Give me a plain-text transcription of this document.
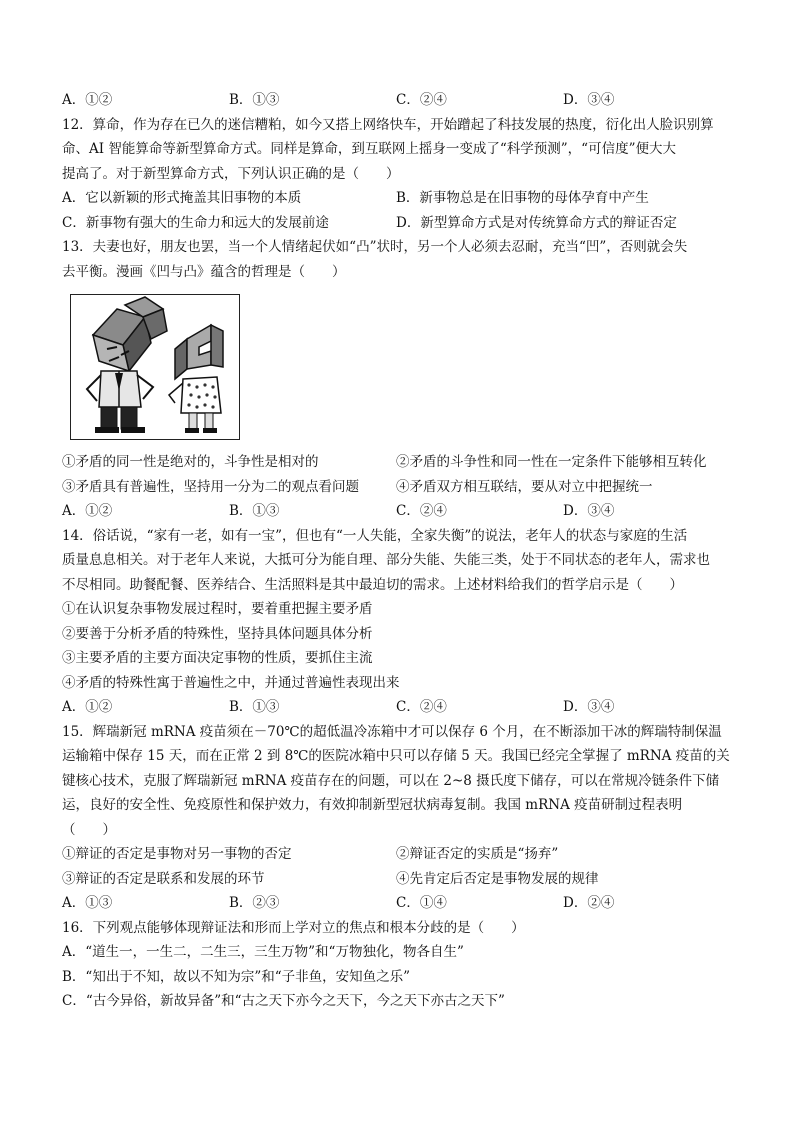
A．①②	B．①③	C．②④	D．③④
12．算命，作为存在已久的迷信糟粕，如今又搭上网络快车，开始蹭起了科技发展的热度，衍化出人脸识别算
命、AI 智能算命等新型算命方式。同样是算命，到互联网上摇身一变成了“科学预测”，“可信度”便大大
提高了。对于新型算命方式，下列认识正确的是（　　）
A．它以新颖的形式掩盖其旧事物的本质	B．新事物总是在旧事物的母体孕育中产生
C．新事物有强大的生命力和远大的发展前途	D．新型算命方式是对传统算命方式的辩证否定
13．夫妻也好，朋友也罢，当一个人情绪起伏如“凸”状时，另一个人必须去忍耐，充当“凹”，否则就会失
去平衡。漫画《凹与凸》蕴含的哲理是（　　）
①矛盾的同一性是绝对的，斗争性是相对的	②矛盾的斗争性和同一性在一定条件下能够相互转化
③矛盾具有普遍性，坚持用一分为二的观点看问题	④矛盾双方相互联结，要从对立中把握统一
A．①②	B．①③	C．②④	D．③④
14．俗话说，“家有一老，如有一宝”，但也有“一人失能，全家失衡”的说法，老年人的状态与家庭的生活
质量息息相关。对于老年人来说，大抵可分为能自理、部分失能、失能三类，处于不同状态的老年人，需求也
不尽相同。助餐配餐、医养结合、生活照料是其中最迫切的需求。上述材料给我们的哲学启示是（　　）
①在认识复杂事物发展过程时，要着重把握主要矛盾
②要善于分析矛盾的特殊性，坚持具体问题具体分析
③主要矛盾的主要方面决定事物的性质，要抓住主流
④矛盾的特殊性寓于普遍性之中，并通过普遍性表现出来
A．①②	B．①③	C．②④	D．③④
15．辉瑞新冠 mRNA 疫苗须在－70℃的超低温冷冻箱中才可以保存 6 个月，在不断添加干冰的辉瑞特制保温
运输箱中保存 15 天，而在正常 2 到 8℃的医院冰箱中只可以存储 5 天。我国已经完全掌握了 mRNA 疫苗的关
键核心技术，克服了辉瑞新冠 mRNA 疫苗存在的问题，可以在 2~8 摄氏度下储存，可以在常规冷链条件下储
运，良好的安全性、免疫原性和保护效力，有效抑制新型冠状病毒复制。我国 mRNA 疫苗研制过程表明
（　　）
①辩证的否定是事物对另一事物的否定	②辩证否定的实质是“扬弃”
③辩证的否定是联系和发展的环节	④先肯定后否定是事物发展的规律
A．①③	B．②③	C．①④	D．②④
16．下列观点能够体现辩证法和形而上学对立的焦点和根本分歧的是（　　）
A．“道生一，一生二，二生三，三生万物”和“万物独化，物各自生”
B．“知出于不知，故以不知为宗”和“子非鱼，安知鱼之乐”
C．“古今异俗，新故异备”和“古之天下亦今之天下，今之天下亦古之天下”
